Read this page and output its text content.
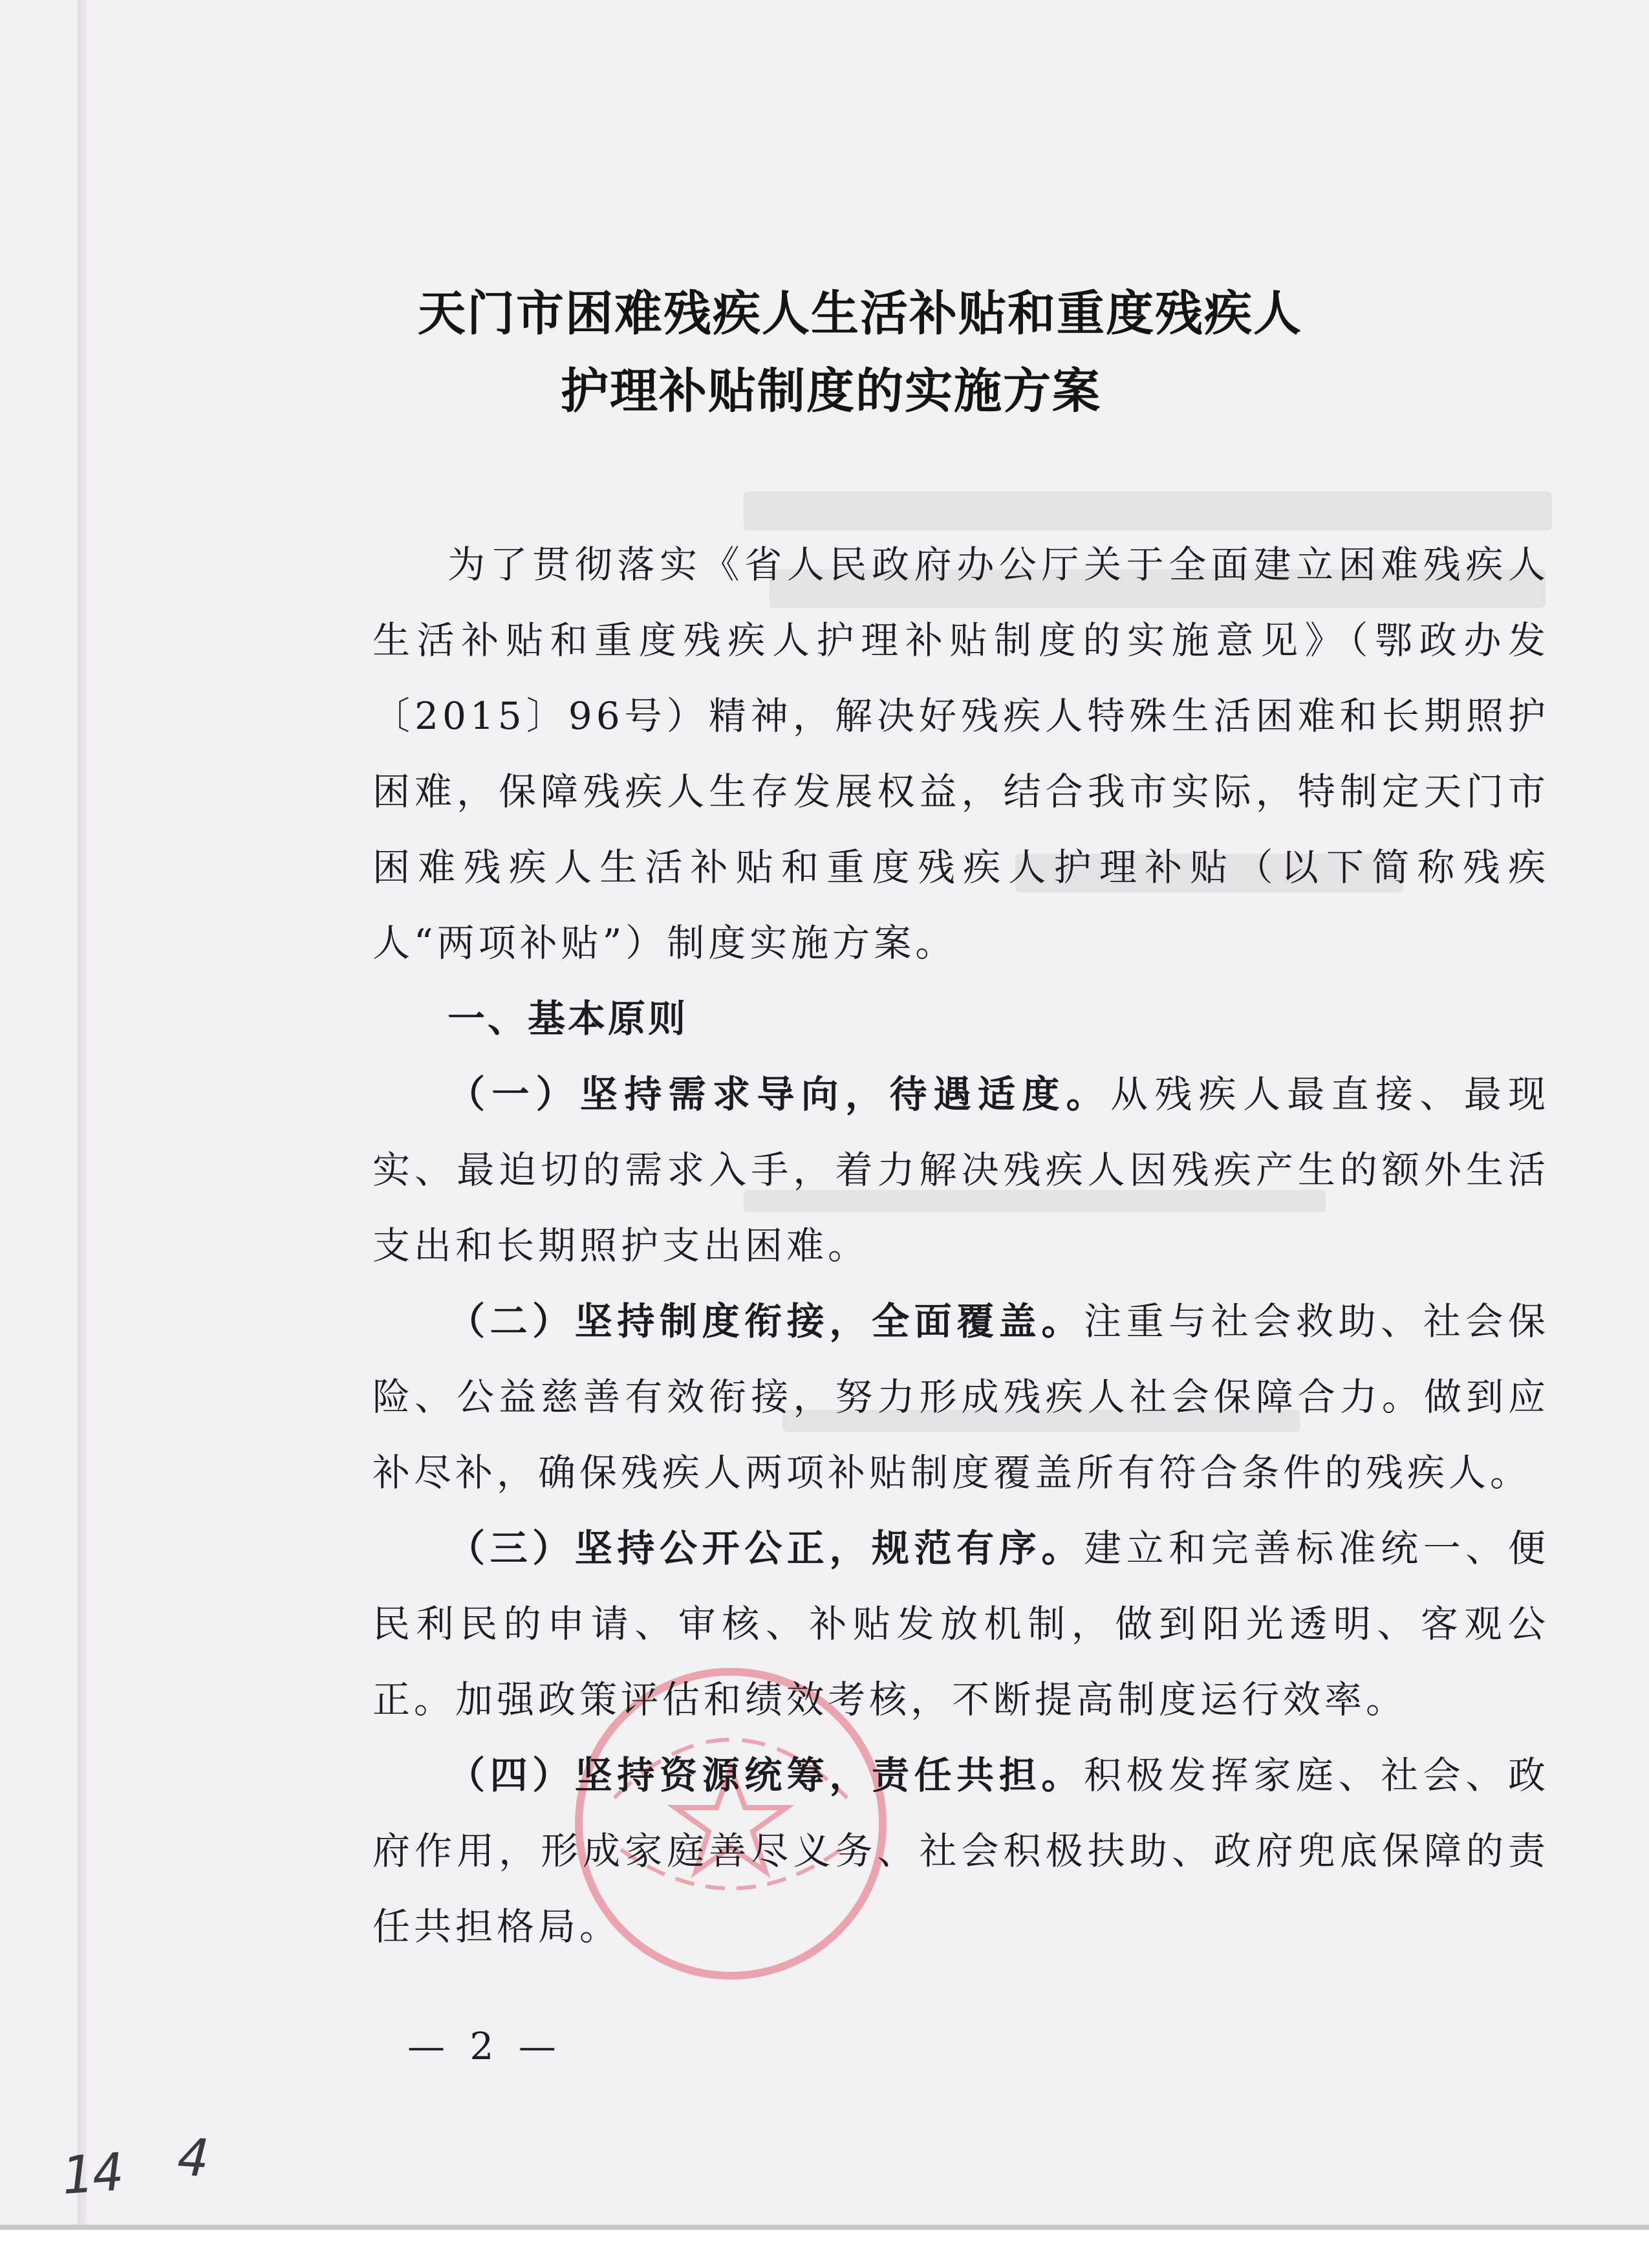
天门市困难残疾人生活补贴和重度残疾人
护理补贴制度的实施方案

为了贯彻落实《省人民政府办公厅关于全面建立困难残疾人生活补贴和重度残疾人护理补贴制度的实施意见》（鄂政办发〔2015〕96号）精神，解决好残疾人特殊生活困难和长期照护困难，保障残疾人生存发展权益，结合我市实际，特制定天门市困难残疾人生活补贴和重度残疾人护理补贴（以下简称残疾人“两项补贴”）制度实施方案。

一、基本原则

（一）坚持需求导向，待遇适度。从残疾人最直接、最现实、最迫切的需求入手，着力解决残疾人因残疾产生的额外生活支出和长期照护支出困难。

（二）坚持制度衔接，全面覆盖。注重与社会救助、社会保险、公益慈善有效衔接，努力形成残疾人社会保障合力。做到应补尽补，确保残疾人两项补贴制度覆盖所有符合条件的残疾人。

（三）坚持公开公正，规范有序。建立和完善标准统一、便民利民的申请、审核、补贴发放机制，做到阳光透明、客观公正。加强政策评估和绩效考核，不断提高制度运行效率。

（四）坚持资源统筹，责任共担。积极发挥家庭、社会、政府作用，形成家庭善尽义务、社会积极扶助、政府兜底保障的责任共担格局。

— 2 —
14 4
